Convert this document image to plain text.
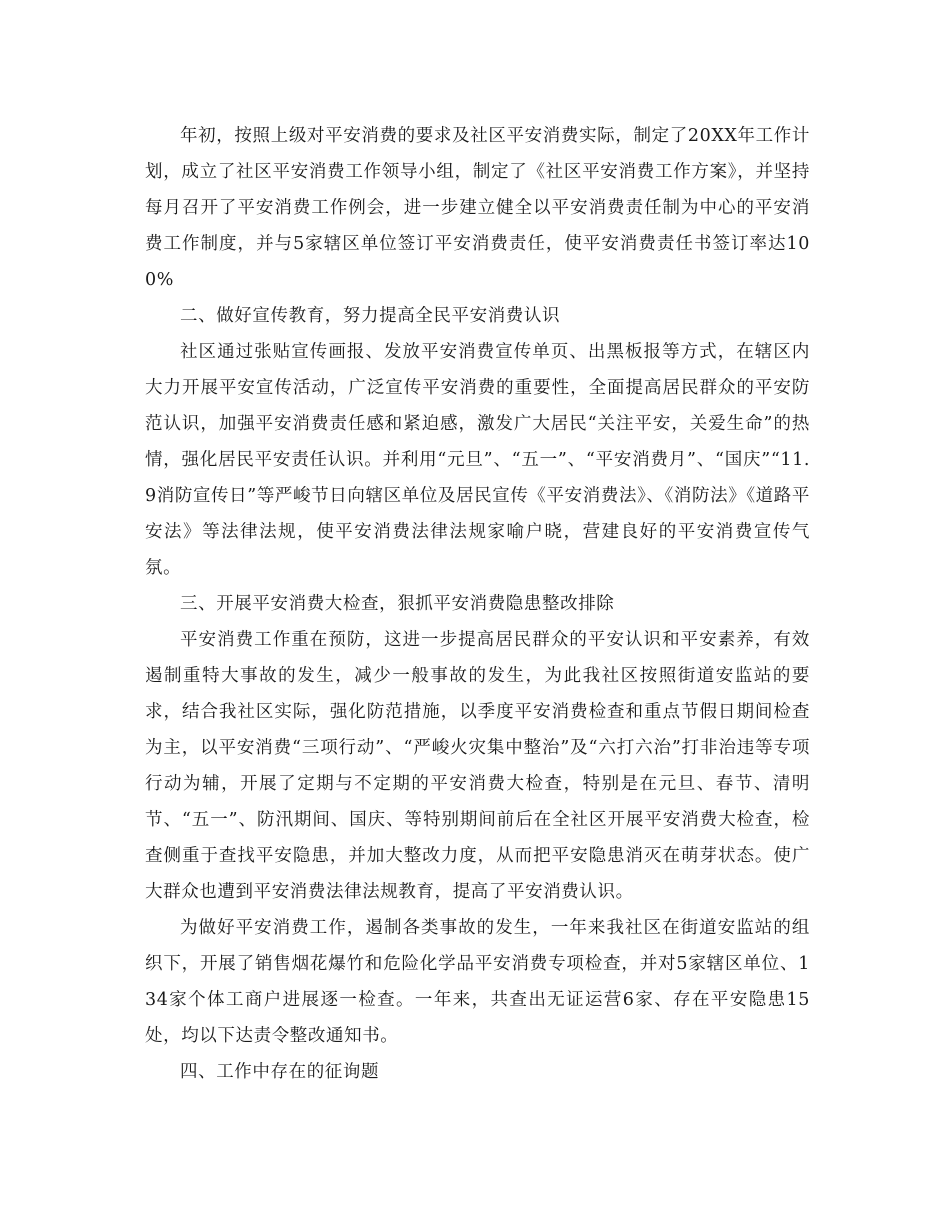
年初，按照上级对平安消费的要求及社区平安消费实际，制定了20XX年工作计划，成立了社区平安消费工作领导小组，制定了《社区平安消费工作方案》，并坚持每月召开了平安消费工作例会，进一步建立健全以平安消费责任制为中心的平安消费工作制度，并与5家辖区单位签订平安消费责任，使平安消费责任书签订率达100%

二、做好宣传教育，努力提高全民平安消费认识

社区通过张贴宣传画报、发放平安消费宣传单页、出黑板报等方式，在辖区内大力开展平安宣传活动，广泛宣传平安消费的重要性，全面提高居民群众的平安防范认识，加强平安消费责任感和紧迫感，激发广大居民“关注平安，关爱生命”的热情，强化居民平安责任认识。并利用“元旦”、“五一”、“平安消费月”、“国庆”“11.9消防宣传日”等严峻节日向辖区单位及居民宣传《平安消费法》、《消防法》《道路平安法》等法律法规，使平安消费法律法规家喻户晓，营建良好的平安消费宣传气氛。

三、开展平安消费大检查，狠抓平安消费隐患整改排除

平安消费工作重在预防，这进一步提高居民群众的平安认识和平安素养，有效遏制重特大事故的发生，减少一般事故的发生，为此我社区按照街道安监站的要求，结合我社区实际，强化防范措施，以季度平安消费检查和重点节假日期间检查为主，以平安消费“三项行动”、“严峻火灾集中整治”及“六打六治”打非治违等专项行动为辅，开展了定期与不定期的平安消费大检查，特别是在元旦、春节、清明节、“五一”、防汛期间、国庆、等特别期间前后在全社区开展平安消费大检查，检查侧重于查找平安隐患，并加大整改力度，从而把平安隐患消灭在萌芽状态。使广大群众也遭到平安消费法律法规教育，提高了平安消费认识。

为做好平安消费工作，遏制各类事故的发生，一年来我社区在街道安监站的组织下，开展了销售烟花爆竹和危险化学品平安消费专项检查，并对5家辖区单位、134家个体工商户进展逐一检查。一年来，共查出无证运营6家、存在平安隐患15处，均以下达责令整改通知书。

四、工作中存在的征询题
